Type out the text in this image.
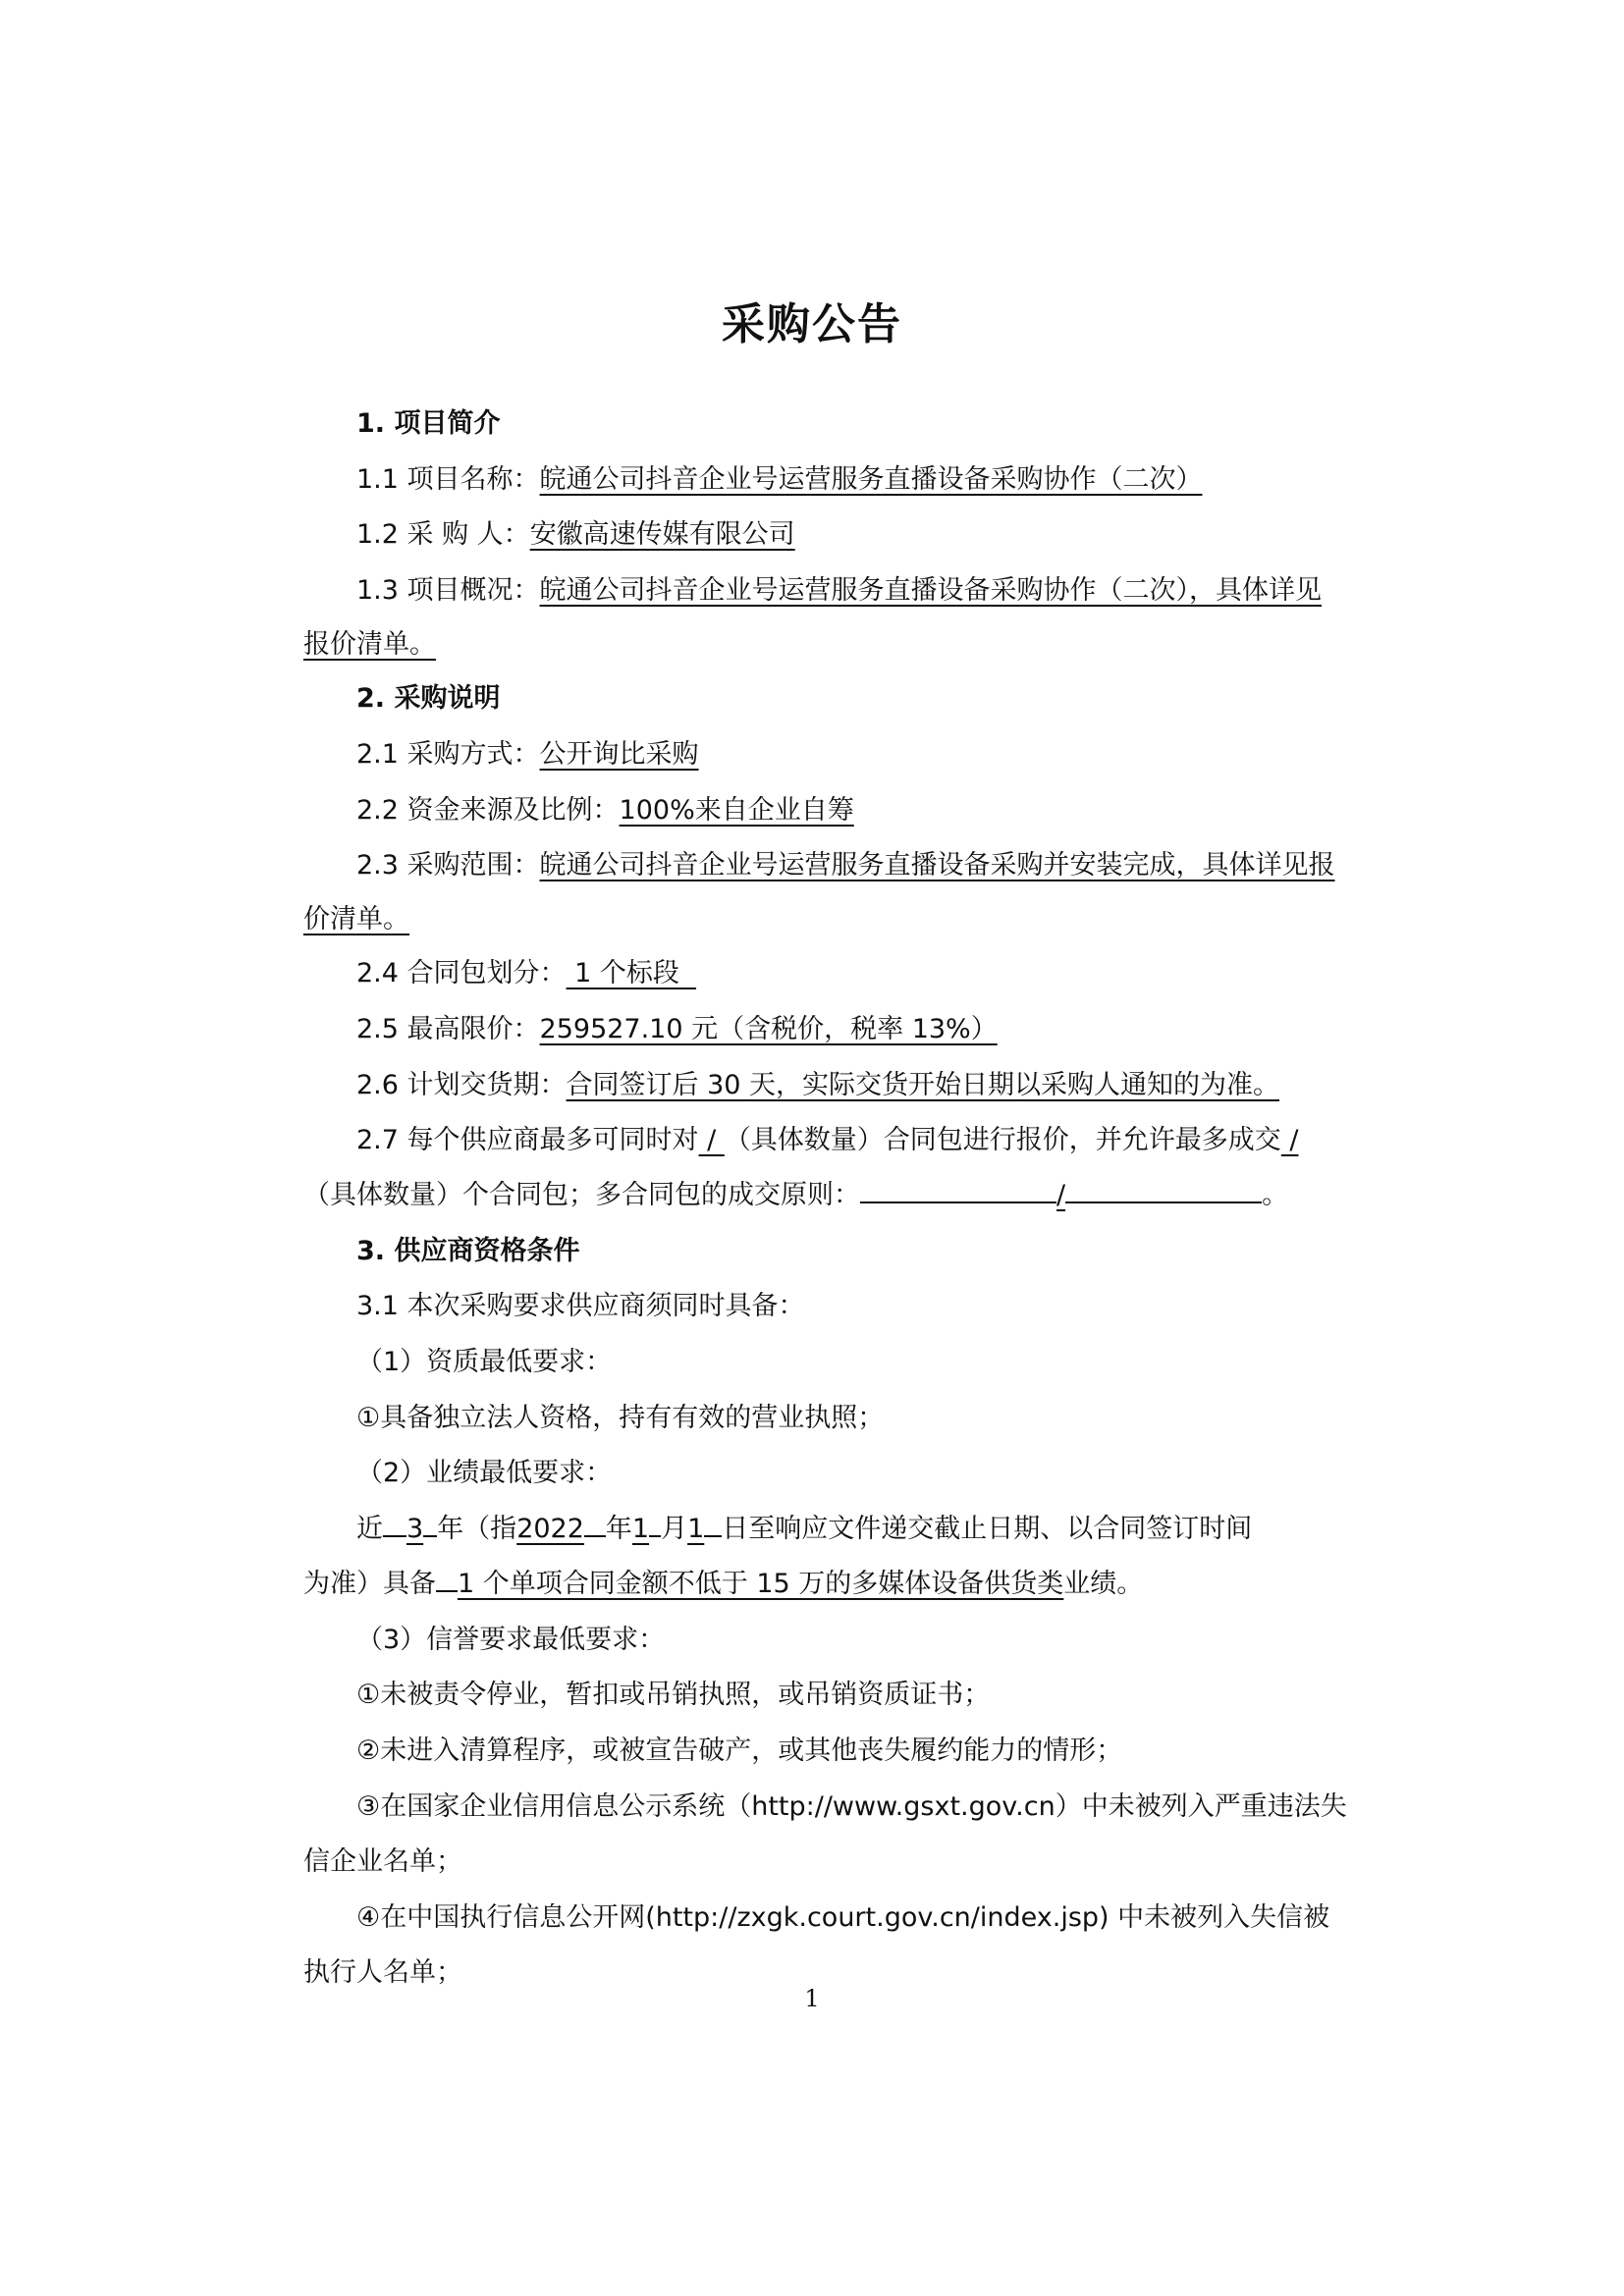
采购公告
1. 项目简介
1.1 项目名称：皖通公司抖音企业号运营服务直播设备采购协作（二次）
1.2 采 购 人：安徽高速传媒有限公司
1.3 项目概况：皖通公司抖音企业号运营服务直播设备采购协作（二次），具体详见
报价清单。
2. 采购说明
2.1 采购方式：公开询比采购
2.2 资金来源及比例：100%来自企业自筹
2.3 采购范围：皖通公司抖音企业号运营服务直播设备采购并安装完成，具体详见报
价清单。
2.4 合同包划分： 1 个标段
2.5 最高限价：259527.10 元（含税价，税率 13%）
2.6 计划交货期：合同签订后 30 天，实际交货开始日期以采购人通知的为准。
2.7 每个供应商最多可同时对 / （具体数量）合同包进行报价，并允许最多成交 /
（具体数量）个合同包；多合同包的成交原则：	/	。
3. 供应商资格条件
3.1 本次采购要求供应商须同时具备：
（1）资质最低要求：
①具备独立法人资格，持有有效的营业执照；
（2）业绩最低要求：
近 3 年（指2022 年1 月1 日至响应文件递交截止日期、以合同签订时间
为准）具备 1 个单项合同金额不低于 15 万的多媒体设备供货类业绩。
（3）信誉要求最低要求：
①未被责令停业，暂扣或吊销执照，或吊销资质证书；
②未进入清算程序，或被宣告破产，或其他丧失履约能力的情形；
③在国家企业信用信息公示系统（http://www.gsxt.gov.cn）中未被列入严重违法失
信企业名单；
④在中国执行信息公开网(http://zxgk.court.gov.cn/index.jsp) 中未被列入失信被
执行人名单；
1
